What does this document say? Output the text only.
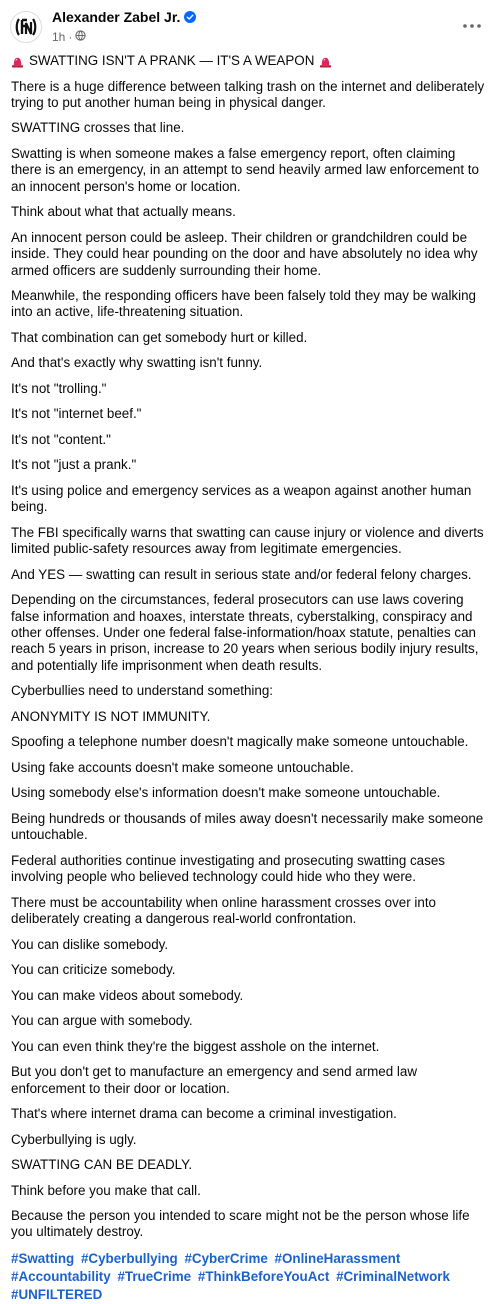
Alexander Zabel Jr.
1h ·

SWATTING ISN'T A PRANK — IT'S A WEAPON

There is a huge difference between talking trash on the internet and deliberately trying to put another human being in physical danger.

SWATTING crosses that line.

Swatting is when someone makes a false emergency report, often claiming there is an emergency, in an attempt to send heavily armed law enforcement to an innocent person's home or location.

Think about what that actually means.

An innocent person could be asleep. Their children or grandchildren could be inside. They could hear pounding on the door and have absolutely no idea why armed officers are suddenly surrounding their home.

Meanwhile, the responding officers have been falsely told they may be walking into an active, life-threatening situation.

That combination can get somebody hurt or killed.

And that's exactly why swatting isn't funny.

It's not "trolling."

It's not "internet beef."

It's not "content."

It's not "just a prank."

It's using police and emergency services as a weapon against another human being.

The FBI specifically warns that swatting can cause injury or violence and diverts limited public-safety resources away from legitimate emergencies.

And YES — swatting can result in serious state and/or federal felony charges.

Depending on the circumstances, federal prosecutors can use laws covering false information and hoaxes, interstate threats, cyberstalking, conspiracy and other offenses. Under one federal false-information/hoax statute, penalties can reach 5 years in prison, increase to 20 years when serious bodily injury results, and potentially life imprisonment when death results.

Cyberbullies need to understand something:

ANONYMITY IS NOT IMMUNITY.

Spoofing a telephone number doesn't magically make someone untouchable.

Using fake accounts doesn't make someone untouchable.

Using somebody else's information doesn't make someone untouchable.

Being hundreds or thousands of miles away doesn't necessarily make someone untouchable.

Federal authorities continue investigating and prosecuting swatting cases involving people who believed technology could hide who they were.

There must be accountability when online harassment crosses over into deliberately creating a dangerous real-world confrontation.

You can dislike somebody.

You can criticize somebody.

You can make videos about somebody.

You can argue with somebody.

You can even think they're the biggest asshole on the internet.

But you don't get to manufacture an emergency and send armed law enforcement to their door or location.

That's where internet drama can become a criminal investigation.

Cyberbullying is ugly.

SWATTING CAN BE DEADLY.

Think before you make that call.

Because the person you intended to scare might not be the person whose life you ultimately destroy.

#Swatting #Cyberbullying #CyberCrime #OnlineHarassment #Accountability #TrueCrime #ThinkBeforeYouAct #CriminalNetwork #UNFILTERED
